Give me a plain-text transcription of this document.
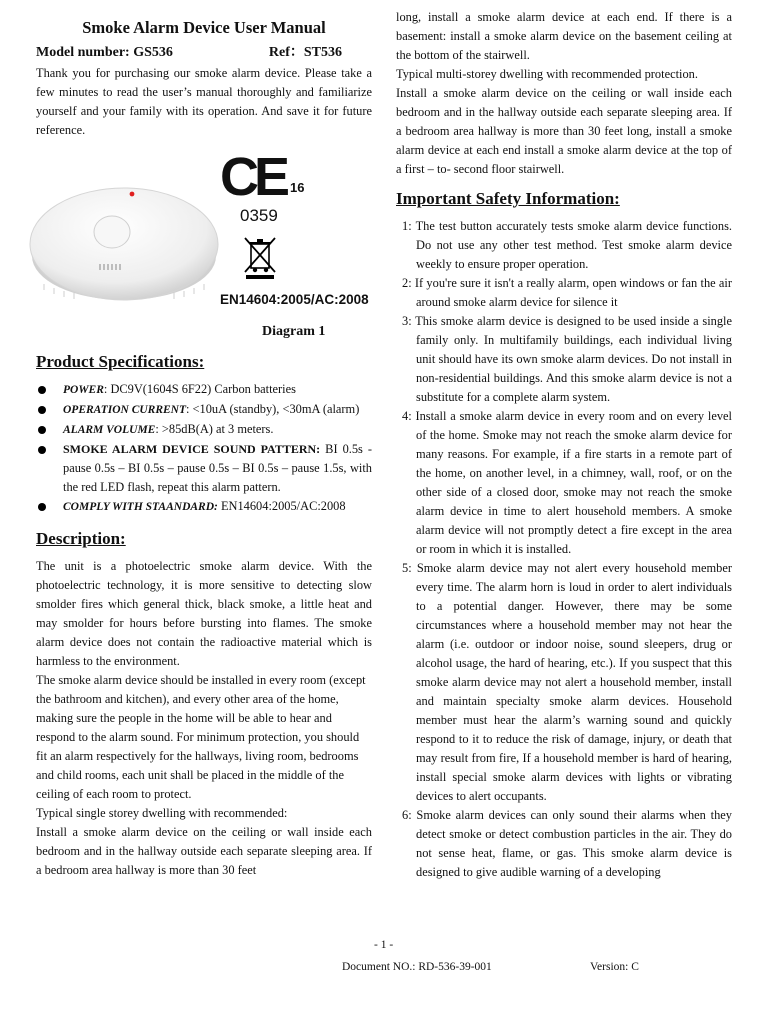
Smoke Alarm Device User Manual
Model number: GS536	Ref：ST536

Thank you for purchasing our smoke alarm device. Please take a few minutes to read the user’s manual thoroughly and familiarize yourself and your family with its operation. And save it for future reference.

CE 16
0359
EN14604:2005/AC:2008
Diagram 1
Product Specifications:
POWER: DC9V(1604S 6F22) Carbon batteries
OPERATION CURRENT: <10uA (standby), <30mA (alarm)
ALARM VOLUME: >85dB(A) at 3 meters.
SMOKE ALARM DEVICE SOUND PATTERN: BI 0.5s - pause 0.5s – BI 0.5s – pause 0.5s – BI 0.5s – pause 1.5s, with the red LED flash, repeat this alarm pattern.
COMPLY WITH STAANDARD: EN14604:2005/AC:2008
Description:

The unit is a photoelectric smoke alarm device. With the photoelectric technology, it is more sensitive to detecting slow smolder fires which general thick, black smoke, a little heat and may smolder for hours before bursting into flames. The smoke alarm device does not contain the radioactive material which is harmless to the environment.

The smoke alarm device should be installed in every room (except the bathroom and kitchen), and every other area of the home, making sure the people in the home will be able to hear and respond to the alarm sound. For minimum protection, you should fit an alarm respectively for the hallways, living room, bedrooms and child rooms, each unit shall be placed in the middle of the ceiling of each room to protect.

Typical single storey dwelling with recommended:

Install a smoke alarm device on the ceiling or wall inside each bedroom and in the hallway outside each separate sleeping area. If a bedroom area hallway is more than 30 feet

long, install a smoke alarm device at each end. If there is a basement: install a smoke alarm device on the basement ceiling at the bottom of the stairwell.

Typical multi-storey dwelling with recommended protection.

Install a smoke alarm device on the ceiling or wall inside each bedroom and in the hallway outside each separate sleeping area. If a bedroom area hallway is more than 30 feet long, install a smoke alarm device at each end install a smoke alarm device at the top of a first – to- second floor stairwell.

Important Safety Information:
1: The test button accurately tests smoke alarm device functions. Do not use any other test method. Test smoke alarm device weekly to ensure proper operation.
2: If you're sure it isn't a really alarm, open windows or fan the air around smoke alarm device for silence it
3: This smoke alarm device is designed to be used inside a single family only. In multifamily buildings, each individual living unit should have its own smoke alarm devices. Do not install in non-residential buildings. And this smoke alarm device is not a substitute for a complete alarm system.
4: Install a smoke alarm device in every room and on every level of the home. Smoke may not reach the smoke alarm device for many reasons. For example, if a fire starts in a remote part of the home, on another level, in a chimney, wall, roof, or on the other side of a closed door, smoke may not reach the smoke alarm device in time to alert household members. A smoke alarm device will not promptly detect a fire except in the area or room in which it is installed.
5: Smoke alarm device may not alert every household member every time. The alarm horn is loud in order to alert individuals to a potential danger. However, there may be some circumstances where a household member may not hear the alarm (i.e. outdoor or indoor noise, sound sleepers, drug or alcohol usage, the hard of hearing, etc.). If you suspect that this smoke alarm device may not alert a household member, install and maintain specialty smoke alarm devices. Household member must hear the alarm’s warning sound and quickly respond to it to reduce the risk of damage, injury, or death that may result from fire, If a household member is hard of hearing, install special smoke alarm devices with lights or vibrating devices to alert occupants.
6: Smoke alarm devices can only sound their alarms when they detect smoke or detect combustion particles in the air. They do not sense heat, flame, or gas. This smoke alarm device is designed to give audible warning of a developing
- 1 -
Document NO.: RD-536-39-001	Version: C
